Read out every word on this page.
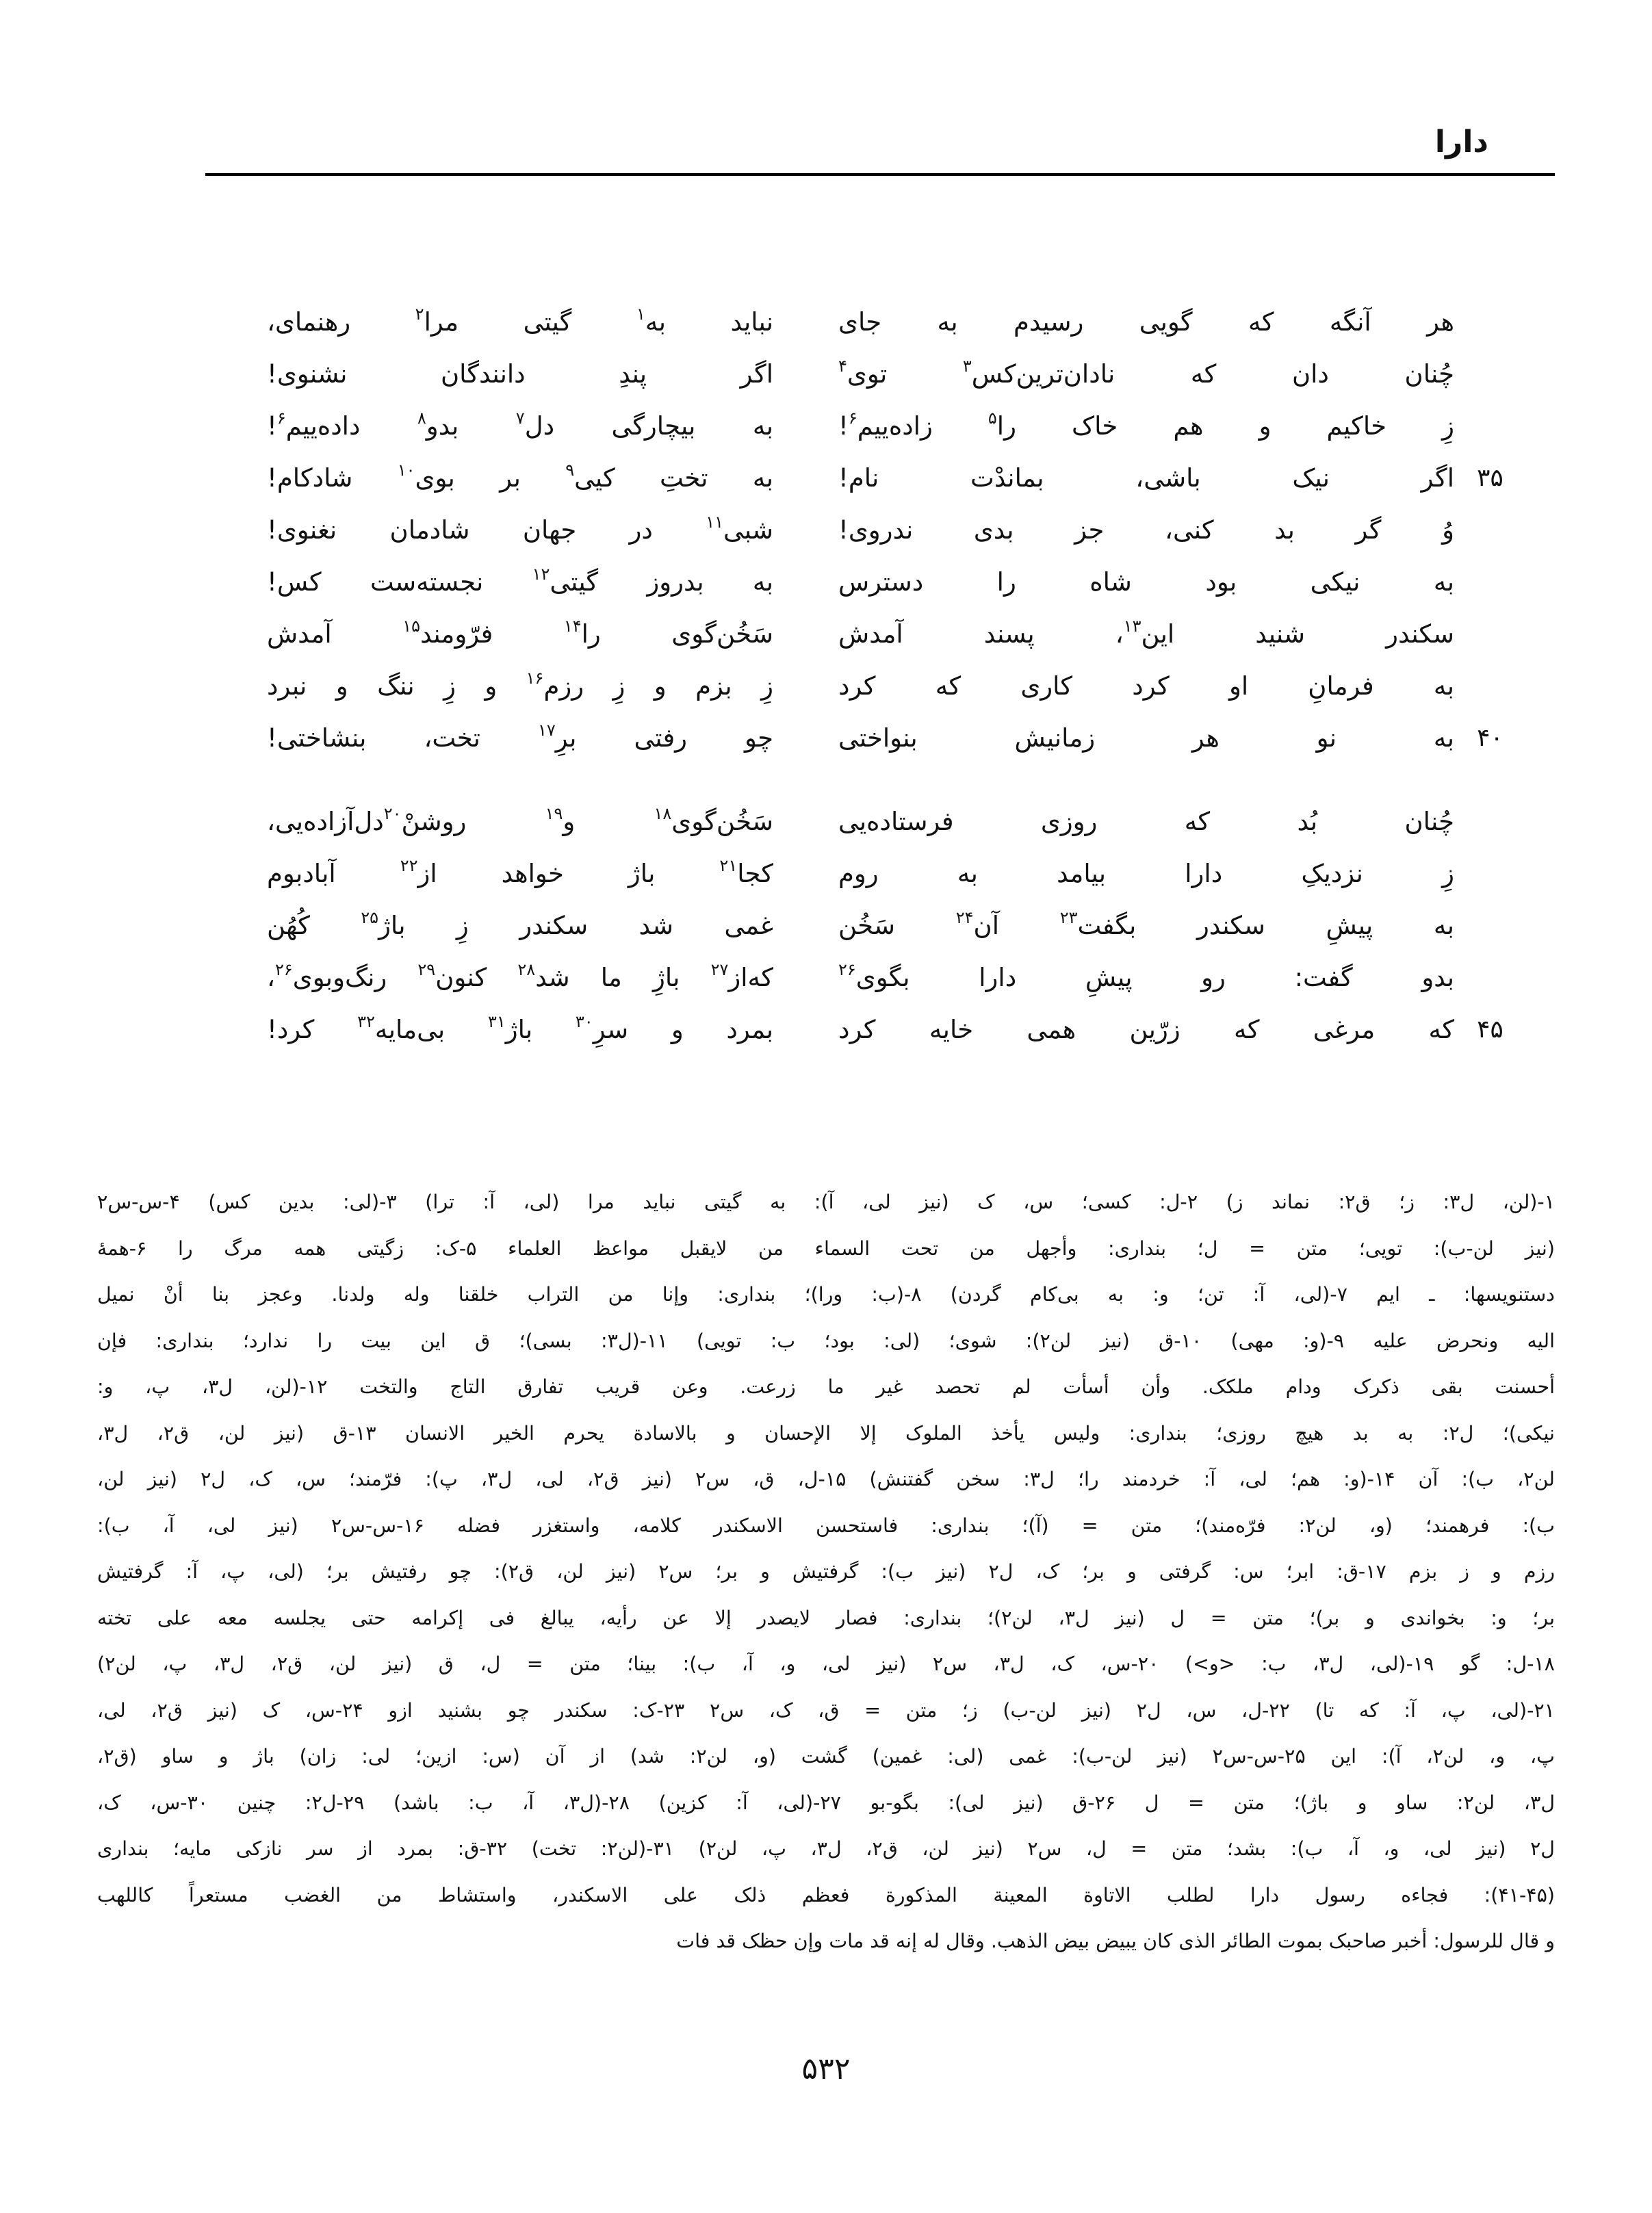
دارا
هر آنگه که گویی رسیدم به جای
نباید به$^۱$ گیتی مرا$^۲$ رهنمای،
چُنان دان که نادان‌ترین‌کس$^۳$ توی$^۴$
اگر پندِ دانندگان نشنوی!
زِ خاکیم و هم خاک را$^۵$ زاده‌ییم$^۶$!
به بیچارگی دل$^۷$ بدو$^۸$ داده‌ییم$^۶$!
۳۵
اگر نیک باشی، بماندْت نام!
به تختِ کیی$^۹$ بر بوی$^{۱۰}$ شادکام!
وُ گر بد کنی، جز بدی ندروی!
شبی$^{۱۱}$ در جهان شادمان نغنوی!
به نیکی بود شاه را دسترس
به بدروز گیتی$^{۱۲}$ نجسته‌ست کس!
سکندر شنید این$^{۱۳}$، پسند آمدش
سَخُن‌گوی را$^{۱۴}$ فرّومند$^{۱۵}$ آمدش
به فرمانِ او کرد کاری که کرد
زِ بزم و زِ رزم$^{۱۶}$ و زِ ننگ و نبرد
۴۰
به نو هر زمانیش بنواختی
چو رفتی برِ$^{۱۷}$ تخت، بنشاختی!
چُنان بُد که روزی فرستاده‌یی
سَخُن‌گوی$^{۱۸}$ و$^{۱۹}$ روشنْ$^{۲۰}$دل‌آزاده‌یی،
زِ نزدیکِ دارا بیامد به روم
کجا$^{۲۱}$ باژ خواهد از$^{۲۲}$ آبادبوم
به پیشِ سکندر بگفت$^{۲۳}$ آن$^{۲۴}$ سَخُن
غمی شد سکندر زِ باژ$^{۲۵}$ کُهُن
بدو گفت: رو پیشِ دارا بگوی$^{۲۶}$
که‌از$^{۲۷}$ باژِ ما شد$^{۲۸}$ کنون$^{۲۹}$ رنگ‌وبوی$^{۲۶}$،
۴۵
که مرغی که زرّین همی خایه کرد
بمرد و سرِ$^{۳۰}$ باژ$^{۳۱}$ بی‌مایه$^{۳۲}$ کرد!
۱-(لن، ل۳: ز؛ ق۲: نماند ز) ۲-ل: کسی؛ س، ک (نیز لی، آ): به گیتی نباید مرا (لی، آ: ترا) ۳-(لی: بدین کس) ۴-س-س۲
(نیز لن-ب): تویی؛ متن = ل؛ بنداری: وأجهل من تحت السماء من لایقبل مواعظ العلماء ۵-ک: زگیتی همه مرگ را ۶-همهٔ
دستنویسها: ـ ایم ۷-(لی، آ: تن؛ و: به بی‌کام گردن) ۸-(ب: ورا)؛ بنداری: وإنا من التراب خلقنا وله ولدنا. وعجز بنا أنْ نمیل
الیه ونحرض علیه ۹-(و: مهی) ۱۰-ق (نیز لن۲): شوی؛ (لی: بود؛ ب: تویی) ۱۱-(ل۳: بسی)؛ ق این بیت را ندارد؛ بنداری: فإن
أحسنت بقی ذکرک ودام ملکک. وأن أسأت لم تحصد غیر ما زرعت. وعن قریب تفارق التاج والتخت ۱۲-(لن، ل۳، پ، و:
نیکی)؛ ل۲: به بد هیچ روزی؛ بنداری: ولیس یأخذ الملوک إلا الإحسان و بالاسادة یحرم الخیر الانسان ۱۳-ق (نیز لن، ق۲، ل۳،
لن۲، ب): آن ۱۴-(و: هم؛ لی، آ: خردمند را؛ ل۳: سخن گفتنش) ۱۵-ل، ق، س۲ (نیز ق۲، لی، ل۳، پ): فرّمند؛ س، ک، ل۲ (نیز لن،
ب): فرهمند؛ (و، لن۲: فرّه‌مند)؛ متن = (آ)؛ بنداری: فاستحسن الاسکندر کلامه، واستغزر فضله ۱۶-س-س۲ (نیز لی، آ، ب):
رزم و ز بزم ۱۷-ق: ابر؛ س: گرفتی و بر؛ ک، ل۲ (نیز ب): گرفتیش و بر؛ س۲ (نیز لن، ق۲): چو رفتیش بر؛ (لی، پ، آ: گرفتیش
بر؛ و: بخواندی و بر)؛ متن = ل (نیز ل۳، لن۲)؛ بنداری: فصار لایصدر إلا عن رأیه، یبالغ فی إکرامه حتی یجلسه معه علی تخته
۱۸-ل: گو ۱۹-(لی، ل۳، ب: <و>) ۲۰-س، ک، ل۳، س۲ (نیز لی، و، آ، ب): بینا؛ متن = ل، ق (نیز لن، ق۲، ل۳، پ، لن۲)
۲۱-(لی، پ، آ: که تا) ۲۲-ل، س، ل۲ (نیز لن-ب) ز؛ متن = ق، ک، س۲ ۲۳-ک: سکندر چو بشنید ازو ۲۴-س، ک (نیز ق۲، لی،
پ، و، لن۲، آ): این ۲۵-س-س۲ (نیز لن-ب): غمی (لی: غمین) گشت (و، لن۲: شد) از آن (س: ازین؛ لی: زان) باژ و ساو (ق۲،
ل۳، لن۲: ساو و باژ)؛ متن = ل ۲۶-ق (نیز لی): بگو-بو ۲۷-(لی، آ: کزین) ۲۸-(ل۳، آ، ب: باشد) ۲۹-ل۲: چنین ۳۰-س، ک،
ل۲ (نیز لی، و، آ، ب): بشد؛ متن = ل، س۲ (نیز لن، ق۲، ل۳، پ، لن۲) ۳۱-(لن۲: تخت) ۳۲-ق: بمرد از سر نازکی مایه؛ بنداری
(۴۱-۴۵): فجاءه رسول دارا لطلب الاتاوة المعینة المذکورة فعظم ذلک علی الاسکندر، واستشاط من الغضب مستعراً کاللهب
و قال للرسول: أخبر صاحبک بموت الطائر الذی کان یبیض بیض الذهب. وقال له إنه قد مات وإن حظک قد فات
۵۳۲
